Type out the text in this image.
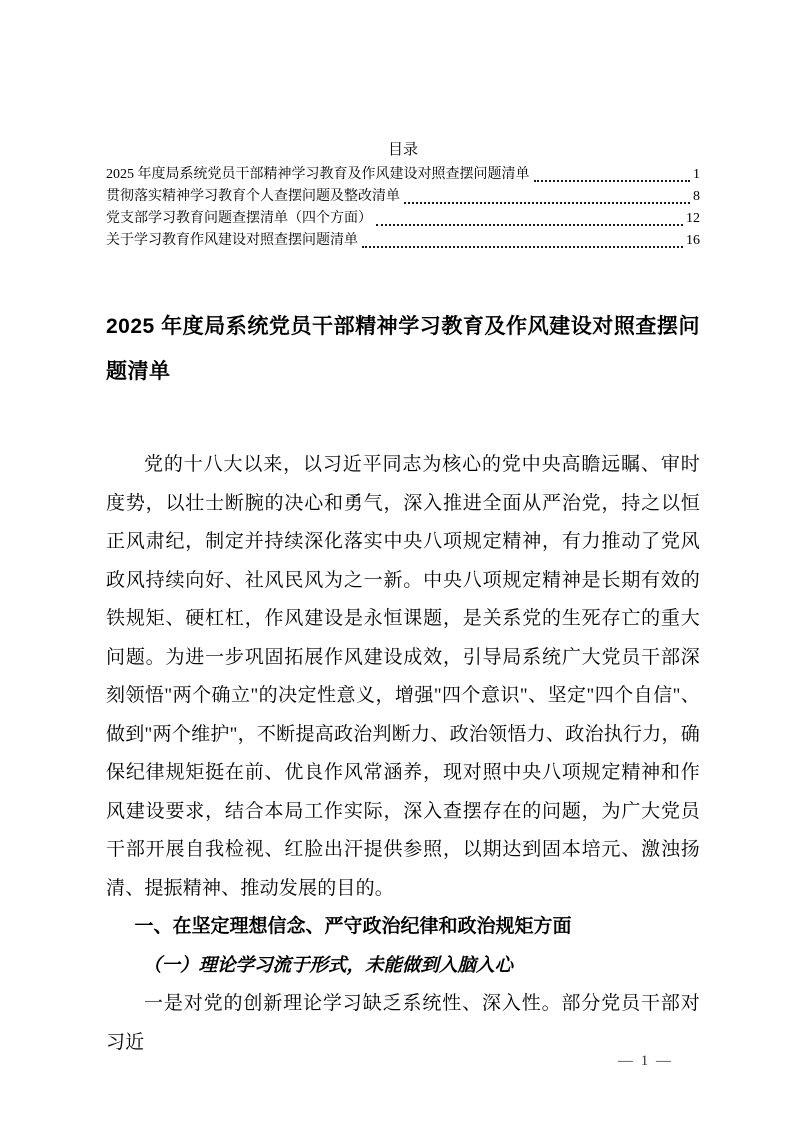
目录
2025 年度局系统党员干部精神学习教育及作风建设对照查摆问题清单	1
贯彻落实精神学习教育个人查摆问题及整改清单	8
党支部学习教育问题查摆清单（四个方面）	12
关于学习教育作风建设对照查摆问题清单	16
2025 年度局系统党员干部精神学习教育及作风建设对照查摆问题清单

党的十八大以来，以习近平同志为核心的党中央高瞻远瞩、审时度势，以壮士断腕的决心和勇气，深入推进全面从严治党，持之以恒正风肃纪，制定并持续深化落实中央八项规定精神，有力推动了党风政风持续向好、社风民风为之一新。中央八项规定精神是长期有效的铁规矩、硬杠杠，作风建设是永恒课题，是关系党的生死存亡的重大问题。为进一步巩固拓展作风建设成效，引导局系统广大党员干部深刻领悟"两个确立"的决定性意义，增强"四个意识"、坚定"四个自信"、做到"两个维护"，不断提高政治判断力、政治领悟力、政治执行力，确保纪律规矩挺在前、优良作风常涵养，现对照中央八项规定精神和作风建设要求，结合本局工作实际，深入查摆存在的问题，为广大党员干部开展自我检视、红脸出汗提供参照，以期达到固本培元、激浊扬清、提振精神、推动发展的目的。

一、在坚定理想信念、严守政治纪律和政治规矩方面
（一）理论学习流于形式，未能做到入脑入心

一是对党的创新理论学习缺乏系统性、深入性。部分党员干部对习近

— 1 —
